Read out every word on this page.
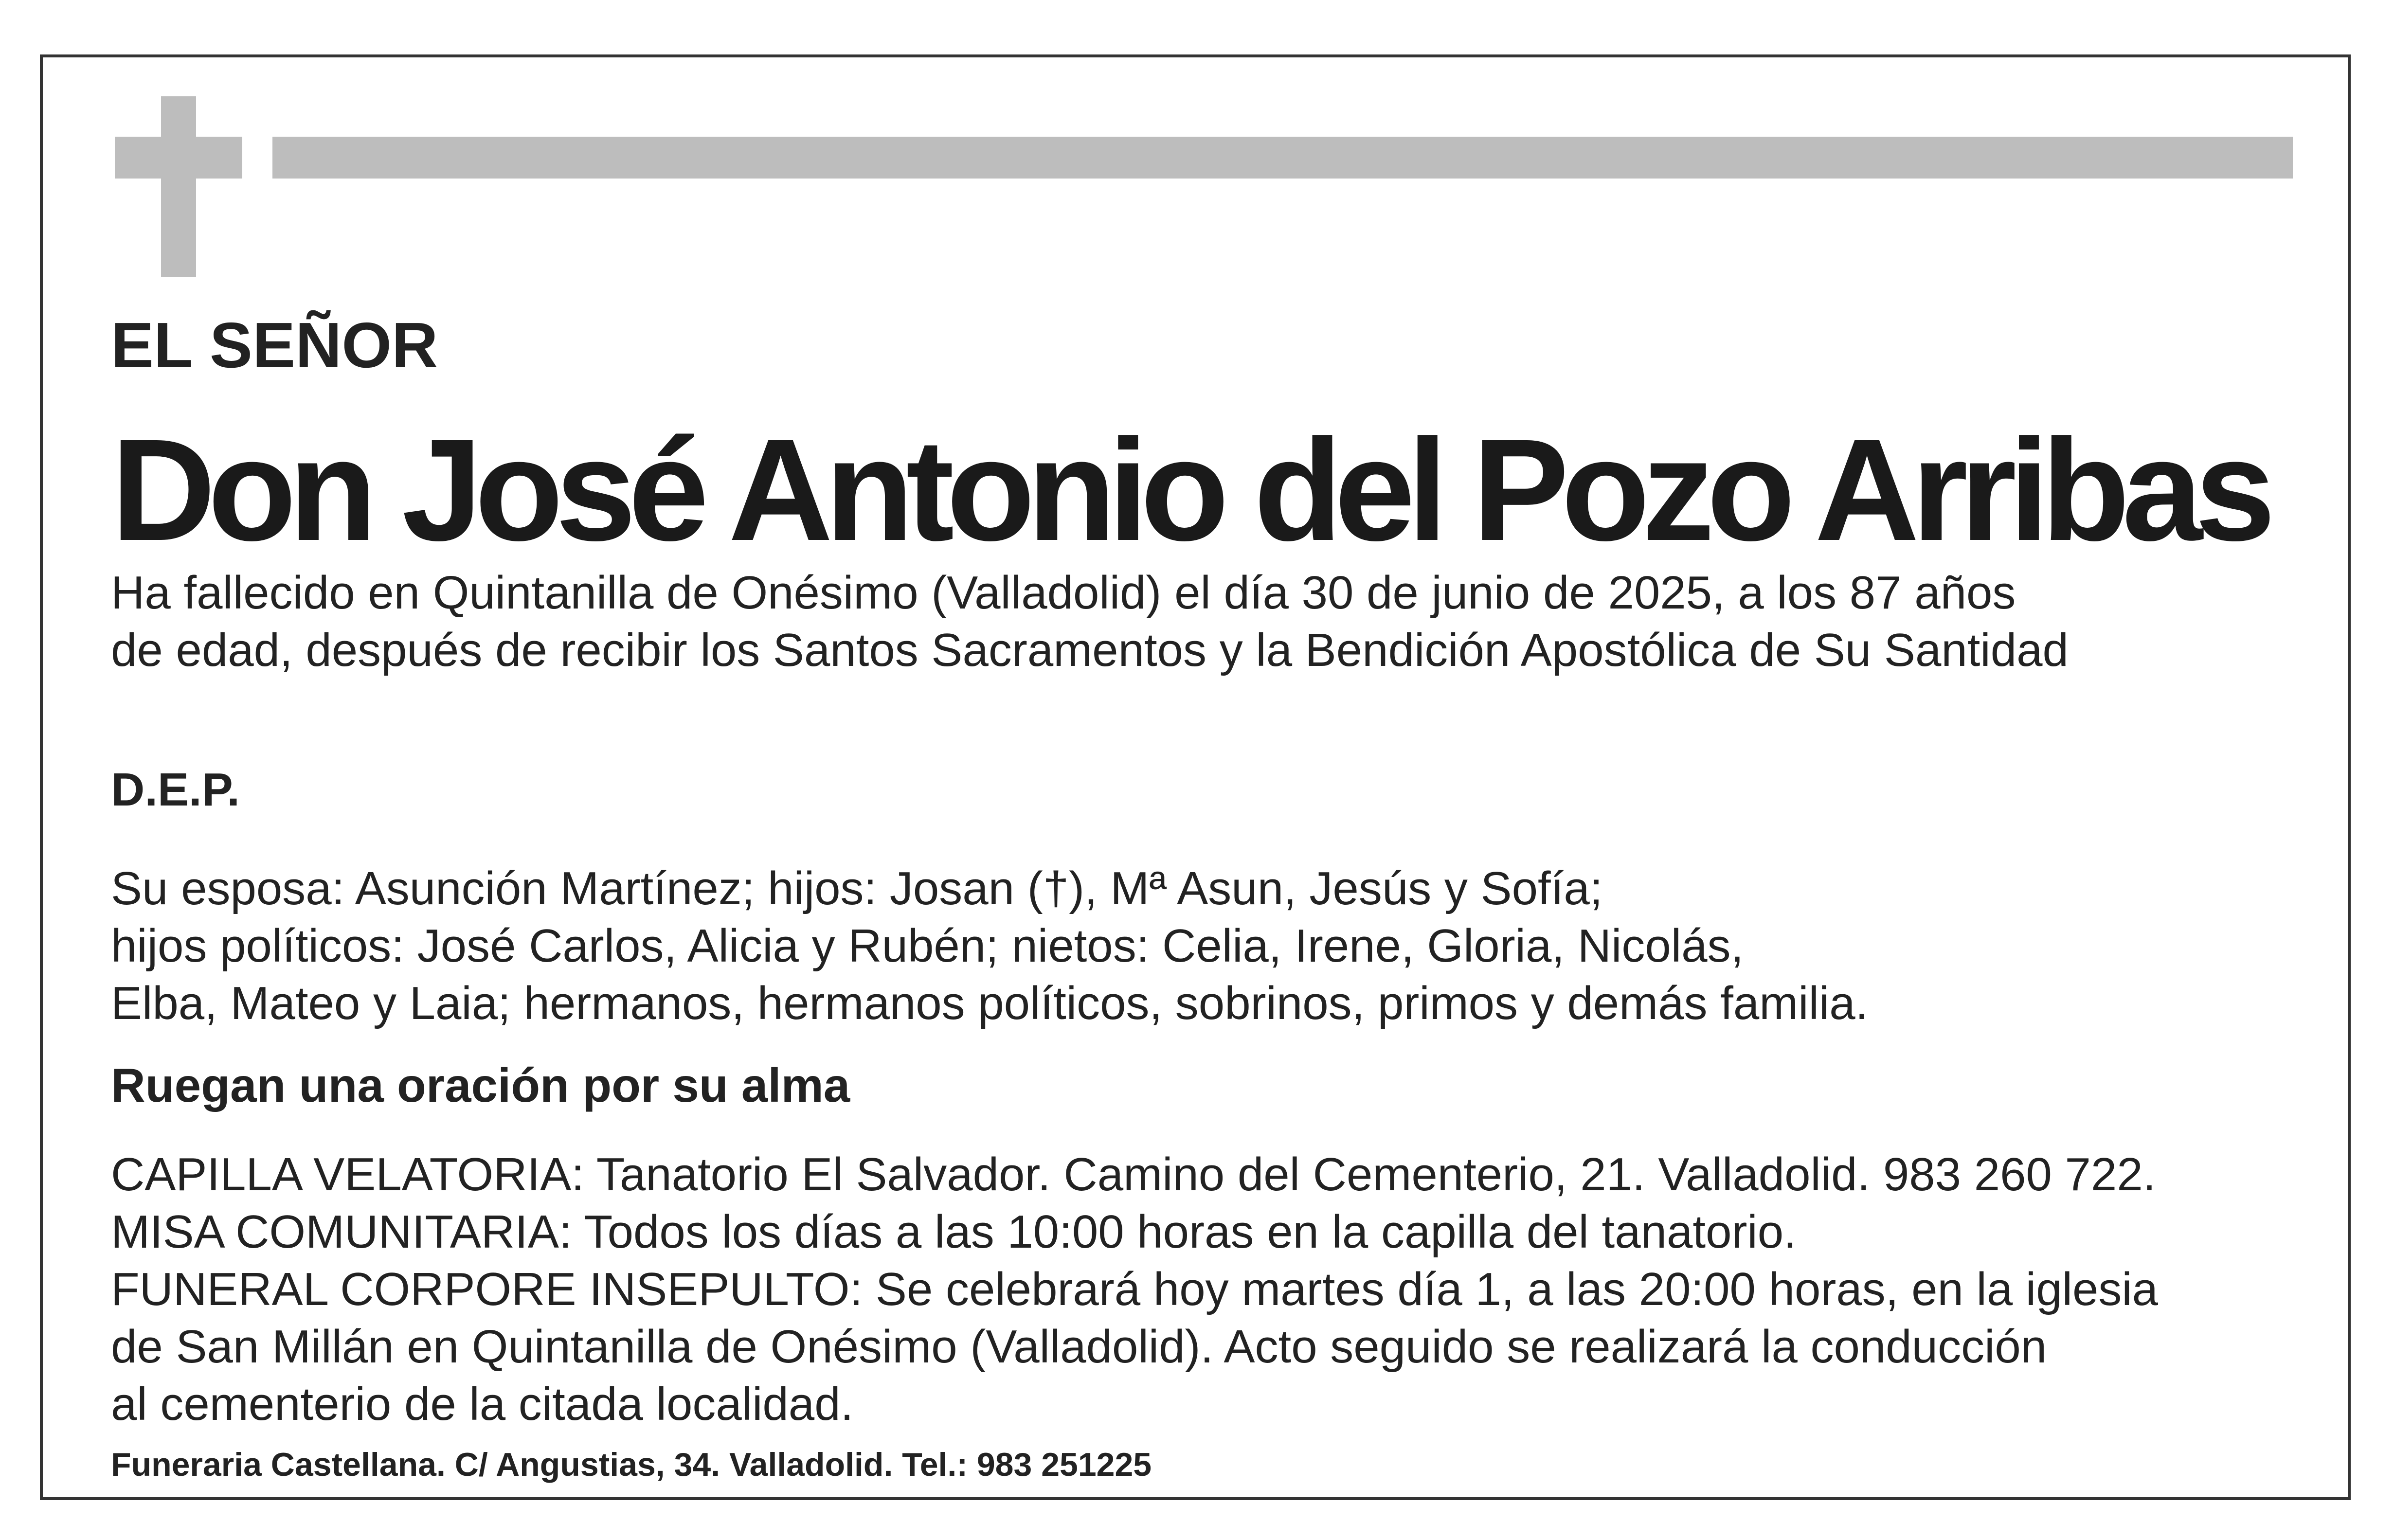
EL SEÑOR

Don José Antonio del Pozo Arribas

Ha fallecido en Quintanilla de Onésimo (Valladolid) el día 30 de junio de 2025, a los 87 años
de edad, después de recibir los Santos Sacramentos y la Bendición Apostólica de Su Santidad

D.E.P.

Su esposa: Asunción Martínez; hijos: Josan (†), Mª Asun, Jesús y Sofía;
hijos políticos: José Carlos, Alicia y Rubén; nietos: Celia, Irene, Gloria, Nicolás,
Elba, Mateo y Laia; hermanos, hermanos políticos, sobrinos, primos y demás familia.

Ruegan una oración por su alma

CAPILLA VELATORIA: Tanatorio El Salvador. Camino del Cementerio, 21. Valladolid. 983 260 722.
MISA COMUNITARIA: Todos los días a las 10:00 horas en la capilla del tanatorio.
FUNERAL CORPORE INSEPULTO: Se celebrará hoy martes día 1, a las 20:00 horas, en la iglesia
de San Millán en Quintanilla de Onésimo (Valladolid). Acto seguido se realizará la conducción
al cementerio de la citada localidad.

Funeraria Castellana. C/ Angustias, 34. Valladolid. Tel.: 983 251225
